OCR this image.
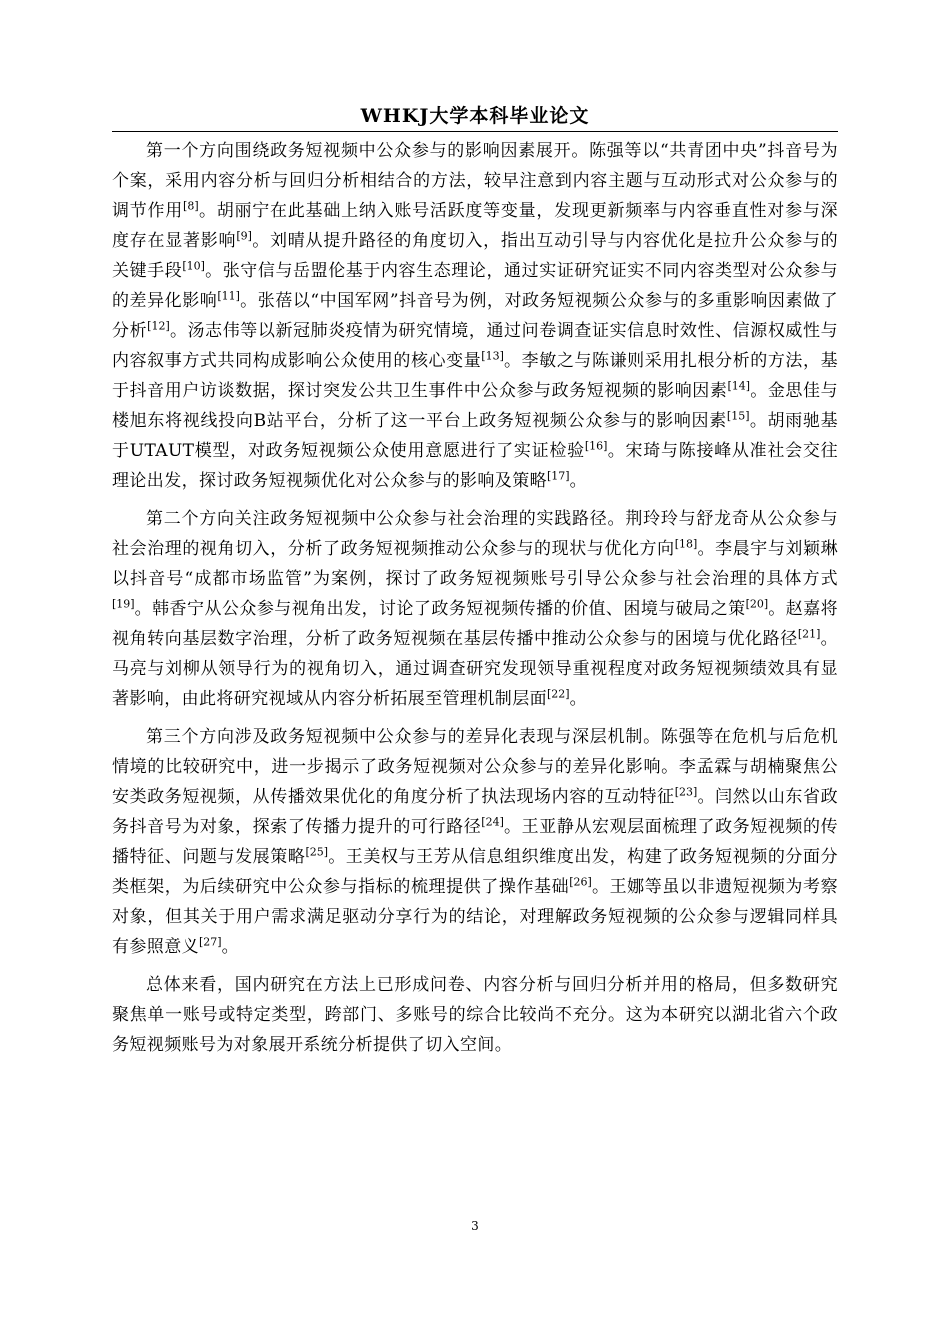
WHKJ大学本科毕业论文

第一个方向围绕政务短视频中公众参与的影响因素展开。陈强等以“共青团中央”抖音号为个案，采用内容分析与回归分析相结合的方法，较早注意到内容主题与互动形式对公众参与的调节作用[8]。胡丽宁在此基础上纳入账号活跃度等变量，发现更新频率与内容垂直性对参与深度存在显著影响[9]。刘晴从提升路径的角度切入，指出互动引导与内容优化是拉升公众参与的关键手段[10]。张守信与岳盟伦基于内容生态理论，通过实证研究证实不同内容类型对公众参与的差异化影响[11]。张蓓以“中国军网”抖音号为例，对政务短视频公众参与的多重影响因素做了分析[12]。汤志伟等以新冠肺炎疫情为研究情境，通过问卷调查证实信息时效性、信源权威性与内容叙事方式共同构成影响公众使用的核心变量[13]。李敏之与陈谦则采用扎根分析的方法，基于抖音用户访谈数据，探讨突发公共卫生事件中公众参与政务短视频的影响因素[14]。金思佳与楼旭东将视线投向B站平台，分析了这一平台上政务短视频公众参与的影响因素[15]。胡雨驰基于UTAUT模型，对政务短视频公众使用意愿进行了实证检验[16]。宋琦与陈接峰从准社会交往理论出发，探讨政务短视频优化对公众参与的影响及策略[17]。

第二个方向关注政务短视频中公众参与社会治理的实践路径。荆玲玲与舒龙奇从公众参与社会治理的视角切入，分析了政务短视频推动公众参与的现状与优化方向[18]。李晨宇与刘颖琳以抖音号“成都市场监管”为案例，探讨了政务短视频账号引导公众参与社会治理的具体方式[19]。韩香宁从公众参与视角出发，讨论了政务短视频传播的价值、困境与破局之策[20]。赵嘉将视角转向基层数字治理，分析了政务短视频在基层传播中推动公众参与的困境与优化路径[21]。马亮与刘柳从领导行为的视角切入，通过调查研究发现领导重视程度对政务短视频绩效具有显著影响，由此将研究视域从内容分析拓展至管理机制层面[22]。

第三个方向涉及政务短视频中公众参与的差异化表现与深层机制。陈强等在危机与后危机情境的比较研究中，进一步揭示了政务短视频对公众参与的差异化影响。李孟霖与胡楠聚焦公安类政务短视频，从传播效果优化的角度分析了执法现场内容的互动特征[23]。闫然以山东省政务抖音号为对象，探索了传播力提升的可行路径[24]。王亚静从宏观层面梳理了政务短视频的传播特征、问题与发展策略[25]。王美权与王芳从信息组织维度出发，构建了政务短视频的分面分类框架，为后续研究中公众参与指标的梳理提供了操作基础[26]。王娜等虽以非遗短视频为考察对象，但其关于用户需求满足驱动分享行为的结论，对理解政务短视频的公众参与逻辑同样具有参照意义[27]。

总体来看，国内研究在方法上已形成问卷、内容分析与回归分析并用的格局，但多数研究聚焦单一账号或特定类型，跨部门、多账号的综合比较尚不充分。这为本研究以湖北省六个政务短视频账号为对象展开系统分析提供了切入空间。

3
